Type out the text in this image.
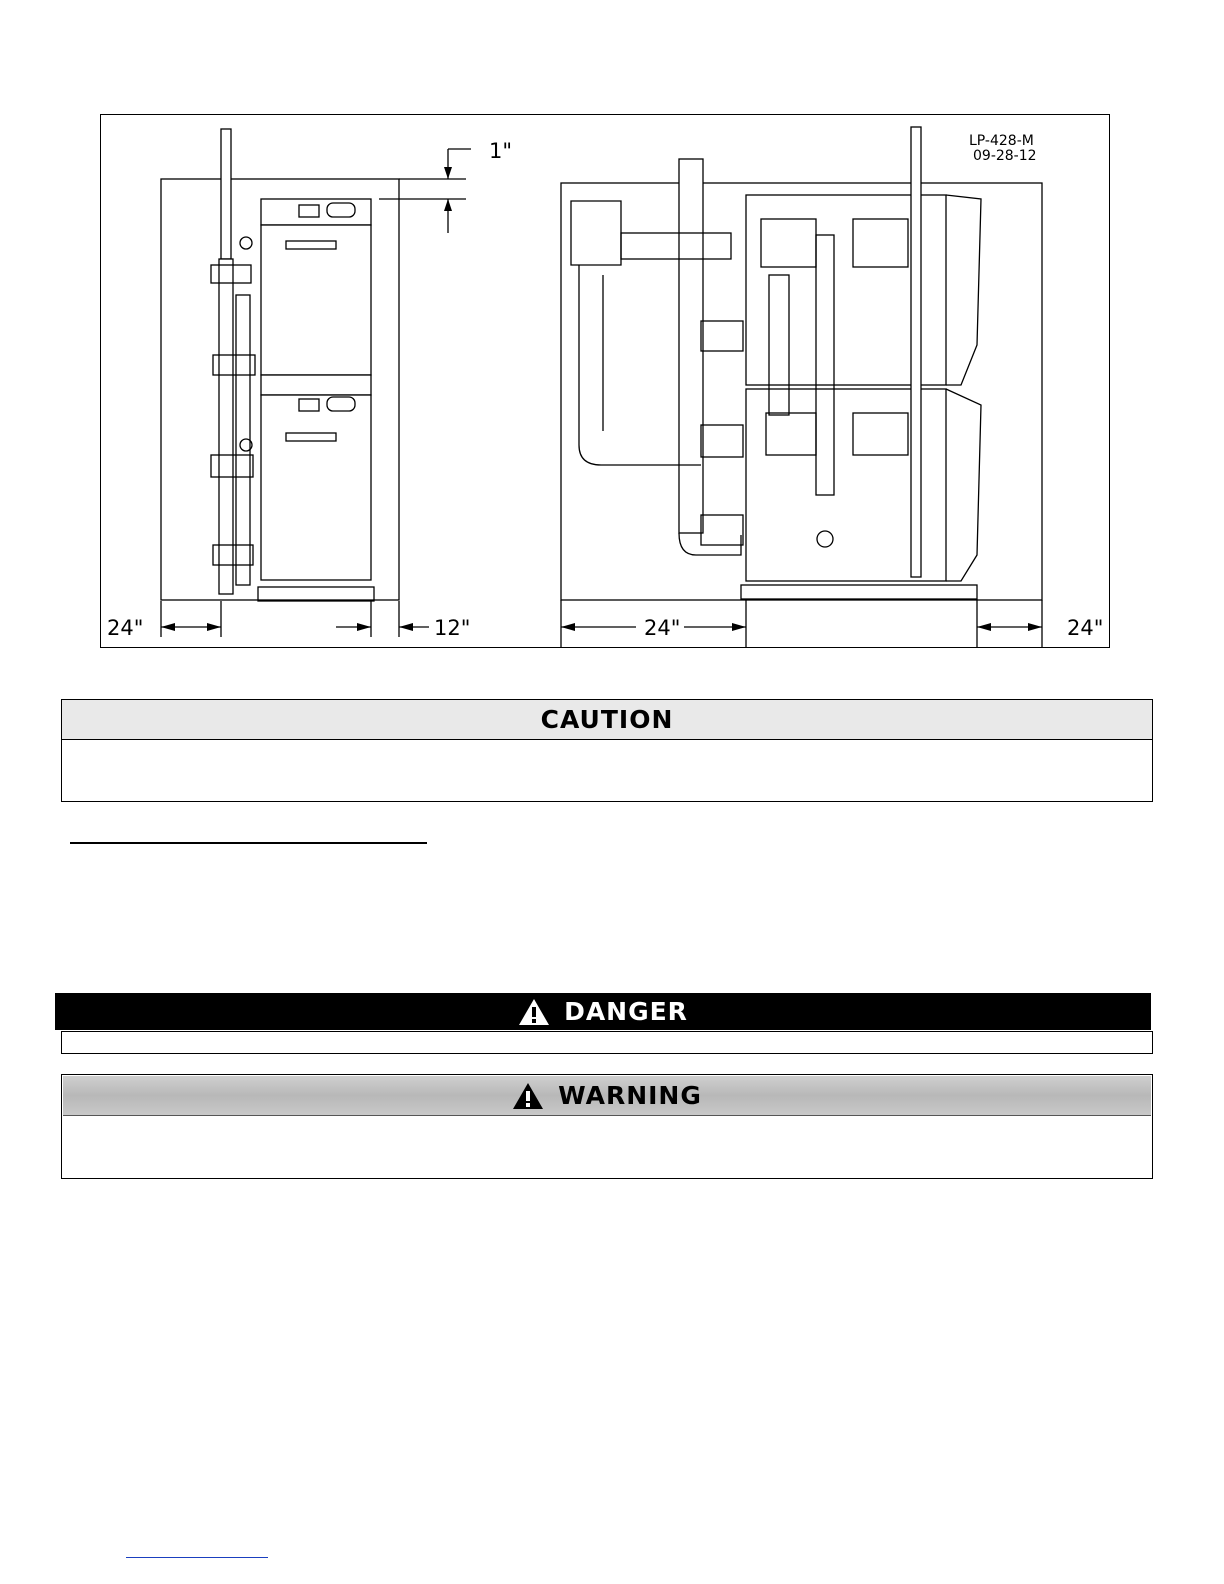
LP-428-M
09-28-12
1"
24"	12"	24"	24"
CAUTION
DANGER
WARNING
